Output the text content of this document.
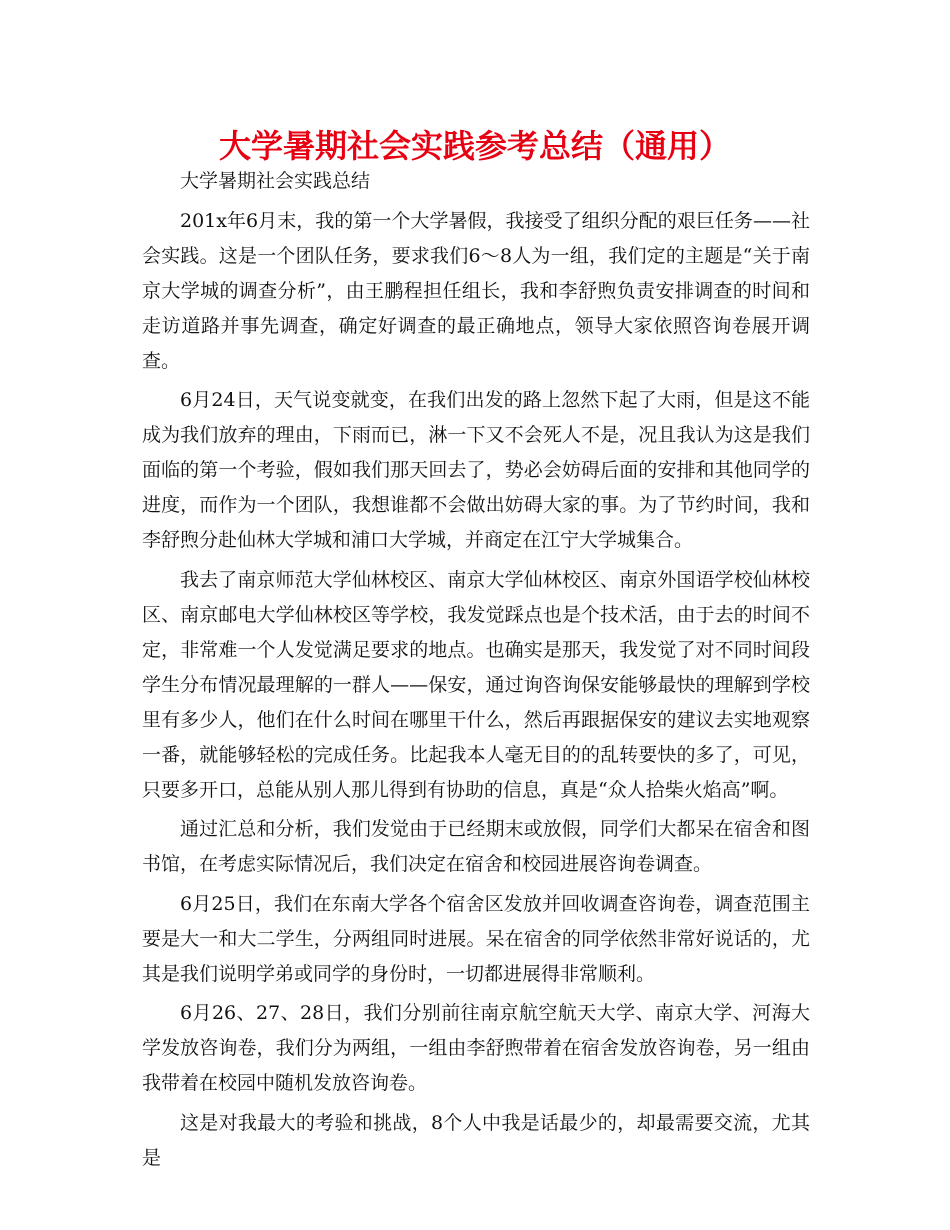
大学暑期社会实践参考总结（通用）

大学暑期社会实践总结

201x年6月末，我的第一个大学暑假，我接受了组织分配的艰巨任务——社会实践。这是一个团队任务，要求我们6～8人为一组，我们定的主题是“关于南京大学城的调查分析”，由王鹏程担任组长，我和李舒煦负责安排调查的时间和走访道路并事先调查，确定好调查的最正确地点，领导大家依照咨询卷展开调查。

6月24日，天气说变就变，在我们出发的路上忽然下起了大雨，但是这不能成为我们放弃的理由，下雨而已，淋一下又不会死人不是，况且我认为这是我们面临的第一个考验，假如我们那天回去了，势必会妨碍后面的安排和其他同学的进度，而作为一个团队，我想谁都不会做出妨碍大家的事。为了节约时间，我和李舒煦分赴仙林大学城和浦口大学城，并商定在江宁大学城集合。

我去了南京师范大学仙林校区、南京大学仙林校区、南京外国语学校仙林校区、南京邮电大学仙林校区等学校，我发觉踩点也是个技术活，由于去的时间不定，非常难一个人发觉满足要求的地点。也确实是那天，我发觉了对不同时间段学生分布情况最理解的一群人——保安，通过询咨询保安能够最快的理解到学校里有多少人，他们在什么时间在哪里干什么，然后再跟据保安的建议去实地观察一番，就能够轻松的完成任务。比起我本人毫无目的的乱转要快的多了，可见，只要多开口，总能从别人那儿得到有协助的信息，真是“众人拾柴火焰高”啊。

通过汇总和分析，我们发觉由于已经期末或放假，同学们大都呆在宿舍和图书馆，在考虑实际情况后，我们决定在宿舍和校园进展咨询卷调查。

6月25日，我们在东南大学各个宿舍区发放并回收调查咨询卷，调查范围主要是大一和大二学生，分两组同时进展。呆在宿舍的同学依然非常好说话的，尤其是我们说明学弟或同学的身份时，一切都进展得非常顺利。

6月26、27、28日，我们分别前往南京航空航天大学、南京大学、河海大学发放咨询卷，我们分为两组，一组由李舒煦带着在宿舍发放咨询卷，另一组由我带着在校园中随机发放咨询卷。

这是对我最大的考验和挑战，8个人中我是话最少的，却最需要交流，尤其是
